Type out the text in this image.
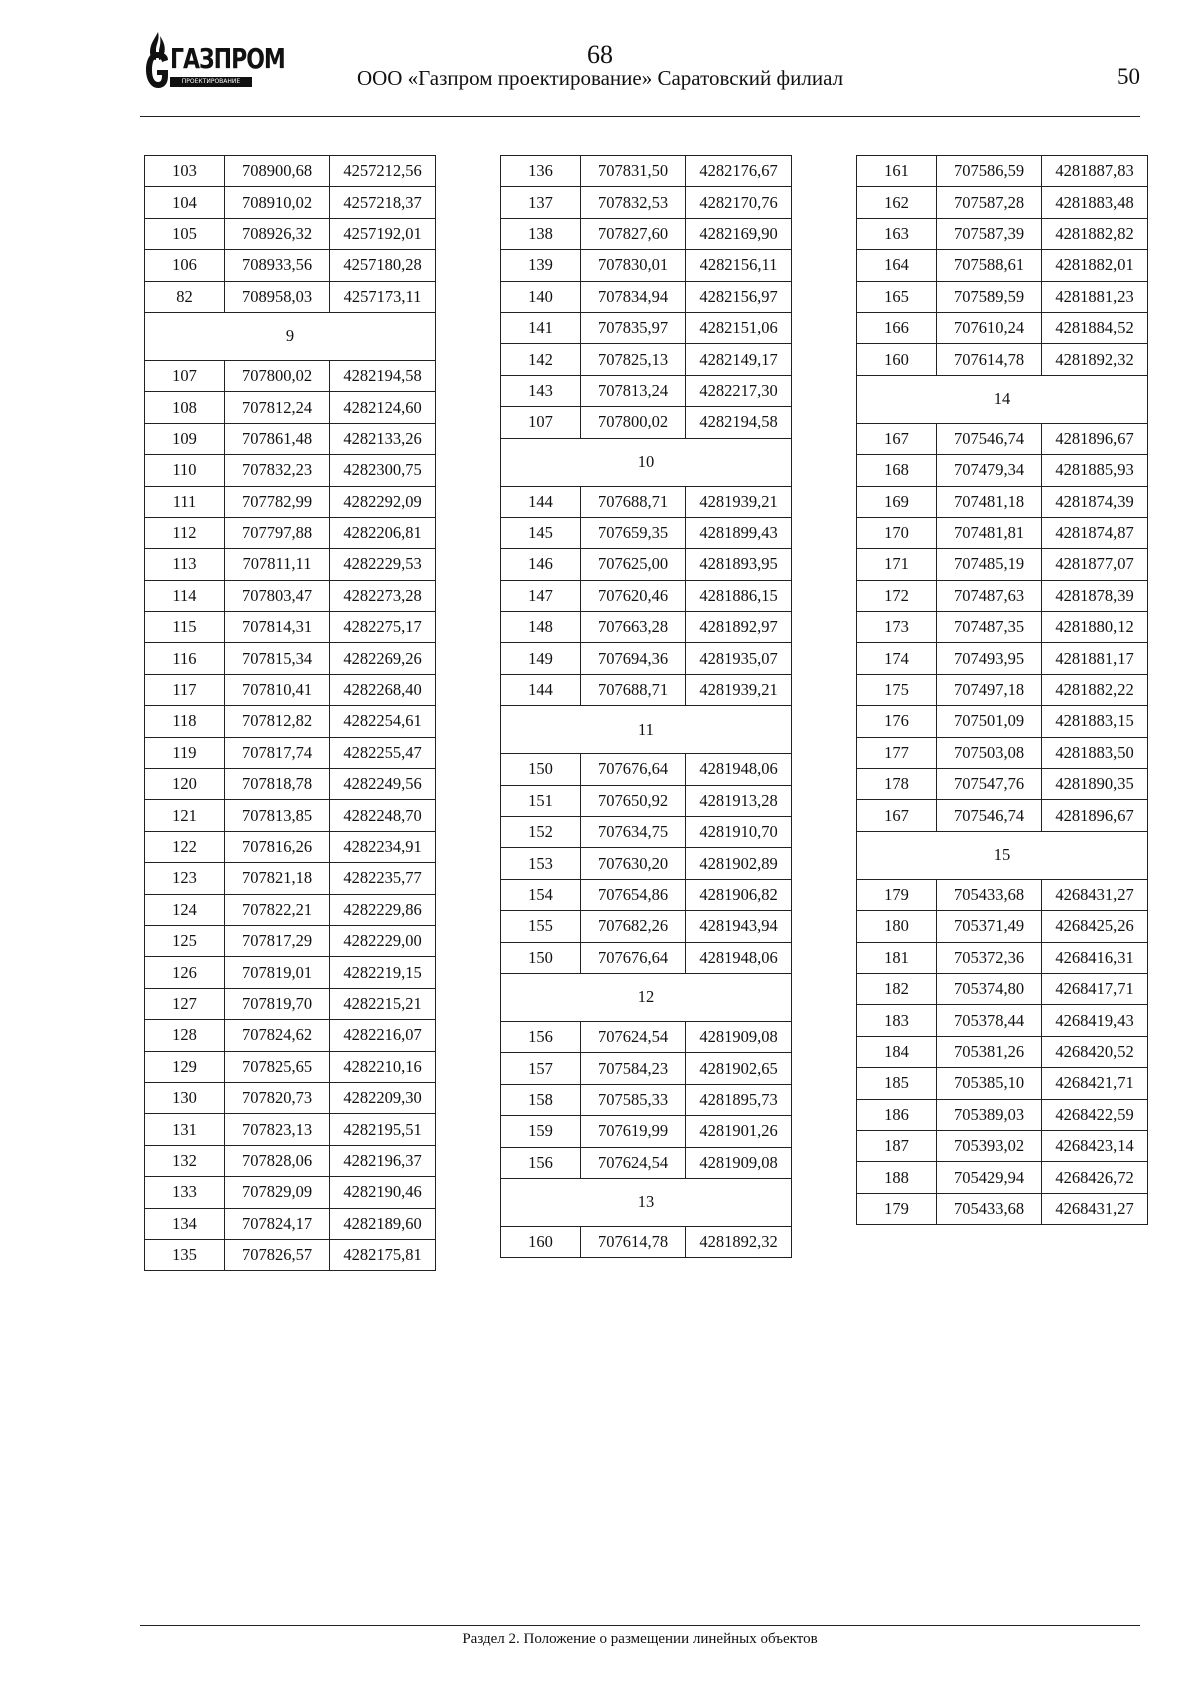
ГАЗПРОМ
ПРОЕКТИРОВАНИЕ
68
ООО «Газпром проектирование» Саратовский филиал	50
103	708900,68	4257212,56
104	708910,02	4257218,37
105	708926,32	4257192,01
106	708933,56	4257180,28
82	708958,03	4257173,11
9		
107	707800,02	4282194,58
108	707812,24	4282124,60
109	707861,48	4282133,26
110	707832,23	4282300,75
111	707782,99	4282292,09
112	707797,88	4282206,81
113	707811,11	4282229,53
114	707803,47	4282273,28
115	707814,31	4282275,17
116	707815,34	4282269,26
117	707810,41	4282268,40
118	707812,82	4282254,61
119	707817,74	4282255,47
120	707818,78	4282249,56
121	707813,85	4282248,70
122	707816,26	4282234,91
123	707821,18	4282235,77
124	707822,21	4282229,86
125	707817,29	4282229,00
126	707819,01	4282219,15
127	707819,70	4282215,21
128	707824,62	4282216,07
129	707825,65	4282210,16
130	707820,73	4282209,30
131	707823,13	4282195,51
132	707828,06	4282196,37
133	707829,09	4282190,46
134	707824,17	4282189,60
135	707826,57	4282175,81
136	707831,50	4282176,67
137	707832,53	4282170,76
138	707827,60	4282169,90
139	707830,01	4282156,11
140	707834,94	4282156,97
141	707835,97	4282151,06
142	707825,13	4282149,17
143	707813,24	4282217,30
107	707800,02	4282194,58
10		
144	707688,71	4281939,21
145	707659,35	4281899,43
146	707625,00	4281893,95
147	707620,46	4281886,15
148	707663,28	4281892,97
149	707694,36	4281935,07
144	707688,71	4281939,21
11		
150	707676,64	4281948,06
151	707650,92	4281913,28
152	707634,75	4281910,70
153	707630,20	4281902,89
154	707654,86	4281906,82
155	707682,26	4281943,94
150	707676,64	4281948,06
12		
156	707624,54	4281909,08
157	707584,23	4281902,65
158	707585,33	4281895,73
159	707619,99	4281901,26
156	707624,54	4281909,08
13		
160	707614,78	4281892,32
161	707586,59	4281887,83
162	707587,28	4281883,48
163	707587,39	4281882,82
164	707588,61	4281882,01
165	707589,59	4281881,23
166	707610,24	4281884,52
160	707614,78	4281892,32
14		
167	707546,74	4281896,67
168	707479,34	4281885,93
169	707481,18	4281874,39
170	707481,81	4281874,87
171	707485,19	4281877,07
172	707487,63	4281878,39
173	707487,35	4281880,12
174	707493,95	4281881,17
175	707497,18	4281882,22
176	707501,09	4281883,15
177	707503,08	4281883,50
178	707547,76	4281890,35
167	707546,74	4281896,67
15		
179	705433,68	4268431,27
180	705371,49	4268425,26
181	705372,36	4268416,31
182	705374,80	4268417,71
183	705378,44	4268419,43
184	705381,26	4268420,52
185	705385,10	4268421,71
186	705389,03	4268422,59
187	705393,02	4268423,14
188	705429,94	4268426,72
179	705433,68	4268431,27
Раздел 2. Положение о размещении линейных объектов
